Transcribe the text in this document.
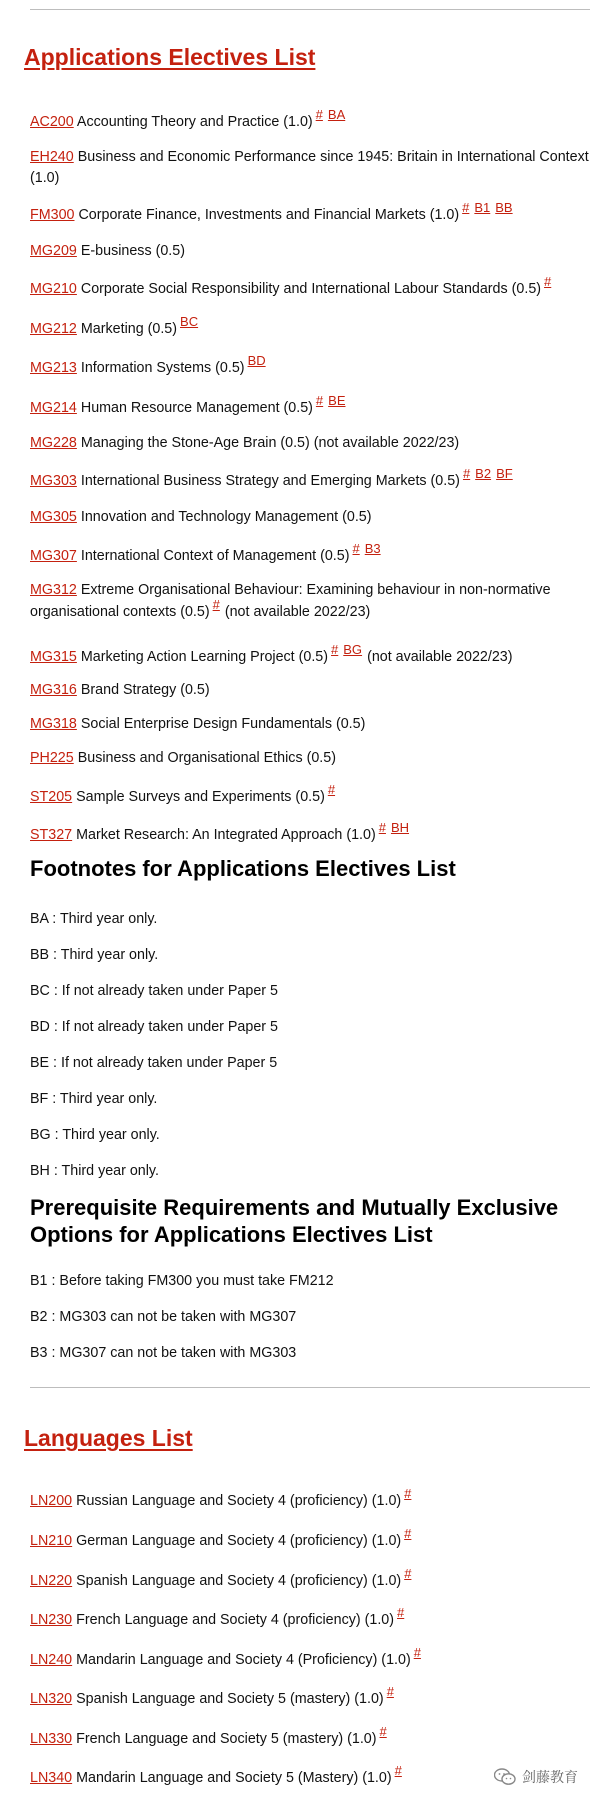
Applications Electives List
AC200 Accounting Theory and Practice (1.0) # BA
EH240 Business and Economic Performance since 1945: Britain in International Context (1.0)
FM300 Corporate Finance, Investments and Financial Markets (1.0) # B1 BB
MG209 E-business (0.5)
MG210 Corporate Social Responsibility and International Labour Standards (0.5) #
MG212 Marketing (0.5) BC
MG213 Information Systems (0.5) BD
MG214 Human Resource Management (0.5) # BE
MG228 Managing the Stone-Age Brain (0.5) (not available 2022/23)
MG303 International Business Strategy and Emerging Markets (0.5) # B2 BF
MG305 Innovation and Technology Management (0.5)
MG307 International Context of Management (0.5) # B3
MG312 Extreme Organisational Behaviour: Examining behaviour in non-normative organisational contexts (0.5) # (not available 2022/23)
MG315 Marketing Action Learning Project (0.5) # BG (not available 2022/23)
MG316 Brand Strategy (0.5)
MG318 Social Enterprise Design Fundamentals (0.5)
PH225 Business and Organisational Ethics (0.5)
ST205 Sample Surveys and Experiments (0.5) #
ST327 Market Research: An Integrated Approach (1.0) # BH
Footnotes for Applications Electives List
BA : Third year only.
BB : Third year only.
BC : If not already taken under Paper 5
BD : If not already taken under Paper 5
BE : If not already taken under Paper 5
BF : Third year only.
BG : Third year only.
BH : Third year only.
Prerequisite Requirements and Mutually Exclusive Options for Applications Electives List
B1 : Before taking FM300 you must take FM212
B2 : MG303 can not be taken with MG307
B3 : MG307 can not be taken with MG303
Languages List
LN200 Russian Language and Society 4 (proficiency) (1.0) #
LN210 German Language and Society 4 (proficiency) (1.0) #
LN220 Spanish Language and Society 4 (proficiency) (1.0) #
LN230 French Language and Society 4 (proficiency) (1.0) #
LN240 Mandarin Language and Society 4 (Proficiency) (1.0) #
LN320 Spanish Language and Society 5 (mastery) (1.0) #
LN330 French Language and Society 5 (mastery) (1.0) #
LN340 Mandarin Language and Society 5 (Mastery) (1.0) #	剑藤教育
